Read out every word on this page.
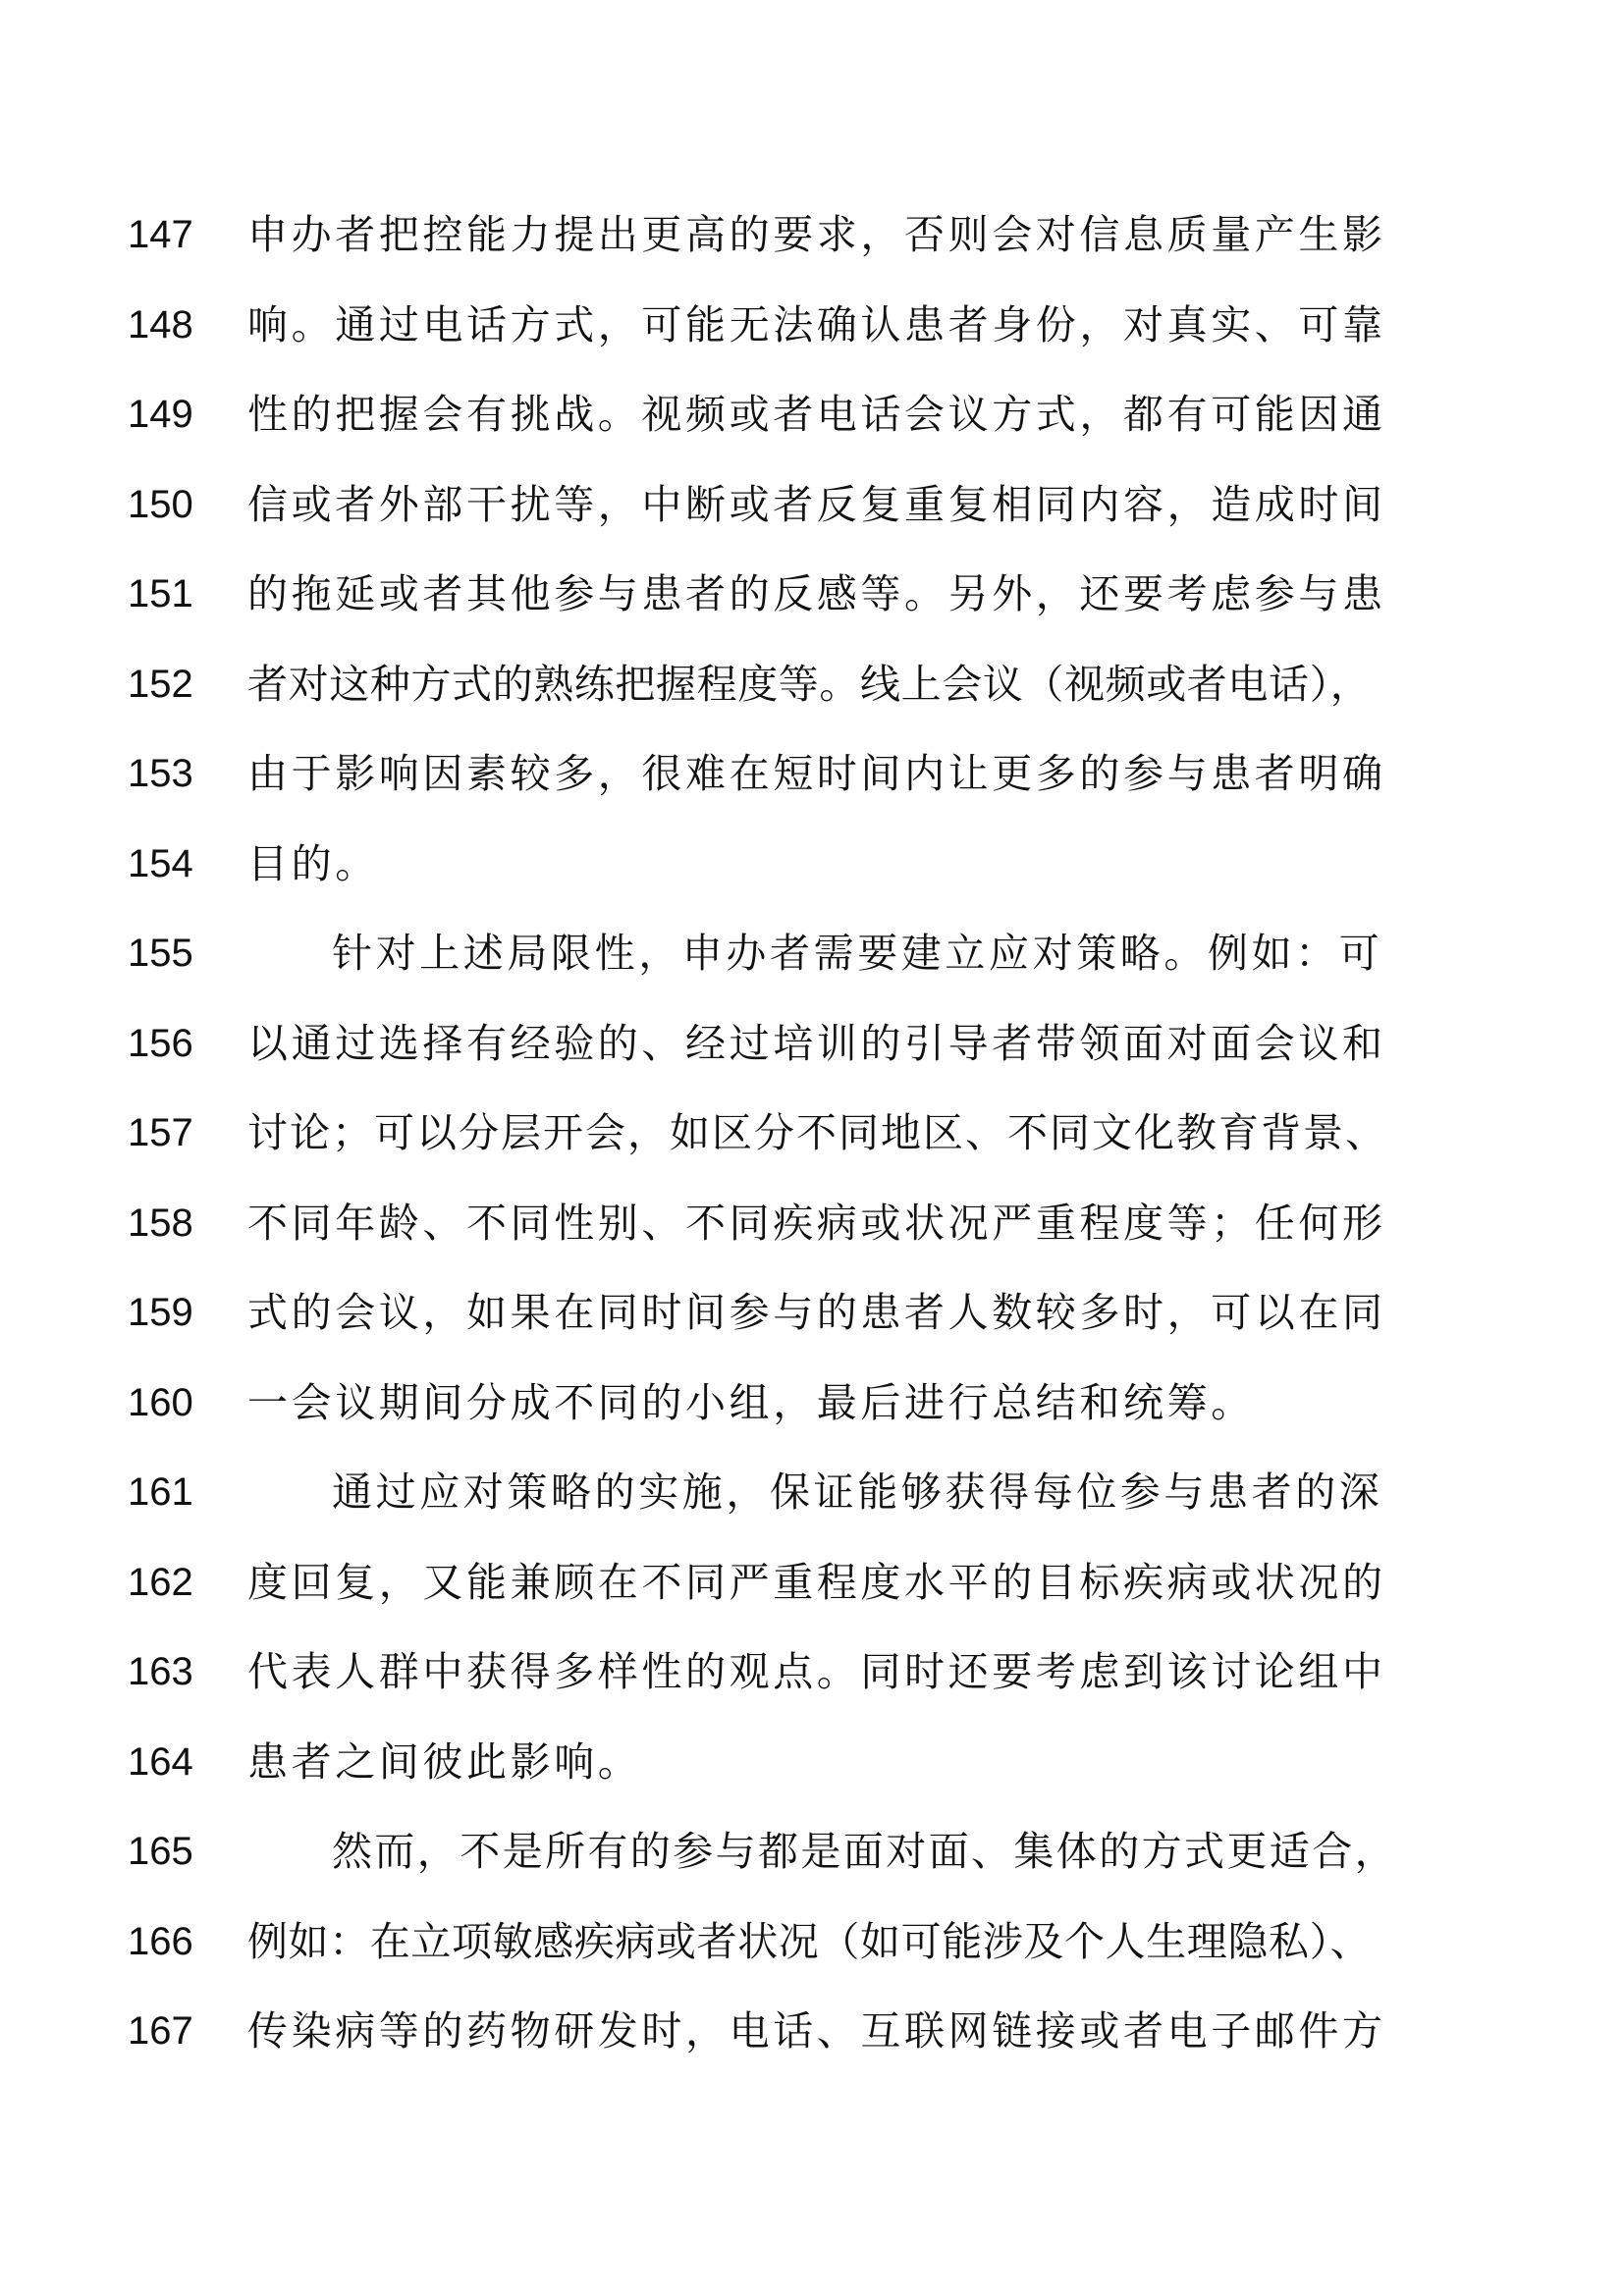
147	申办者把控能力提出更高的要求，否则会对信息质量产生影
148	响。通过电话方式，可能无法确认患者身份，对真实、可靠
149	性的把握会有挑战。视频或者电话会议方式，都有可能因通
150	信或者外部干扰等，中断或者反复重复相同内容，造成时间
151	的拖延或者其他参与患者的反感等。另外，还要考虑参与患
152	者对这种方式的熟练把握程度等。线上会议（视频或者电话），
153	由于影响因素较多，很难在短时间内让更多的参与患者明确
154	目的。
155	针对上述局限性，申办者需要建立应对策略。例如：可
156	以通过选择有经验的、经过培训的引导者带领面对面会议和
157	讨论；可以分层开会，如区分不同地区、不同文化教育背景、
158	不同年龄、不同性别、不同疾病或状况严重程度等；任何形
159	式的会议，如果在同时间参与的患者人数较多时，可以在同
160	一会议期间分成不同的小组，最后进行总结和统筹。
161	通过应对策略的实施，保证能够获得每位参与患者的深
162	度回复，又能兼顾在不同严重程度水平的目标疾病或状况的
163	代表人群中获得多样性的观点。同时还要考虑到该讨论组中
164	患者之间彼此影响。
165	然而，不是所有的参与都是面对面、集体的方式更适合，
166	例如：在立项敏感疾病或者状况（如可能涉及个人生理隐私）、
167	传染病等的药物研发时，电话、互联网链接或者电子邮件方
